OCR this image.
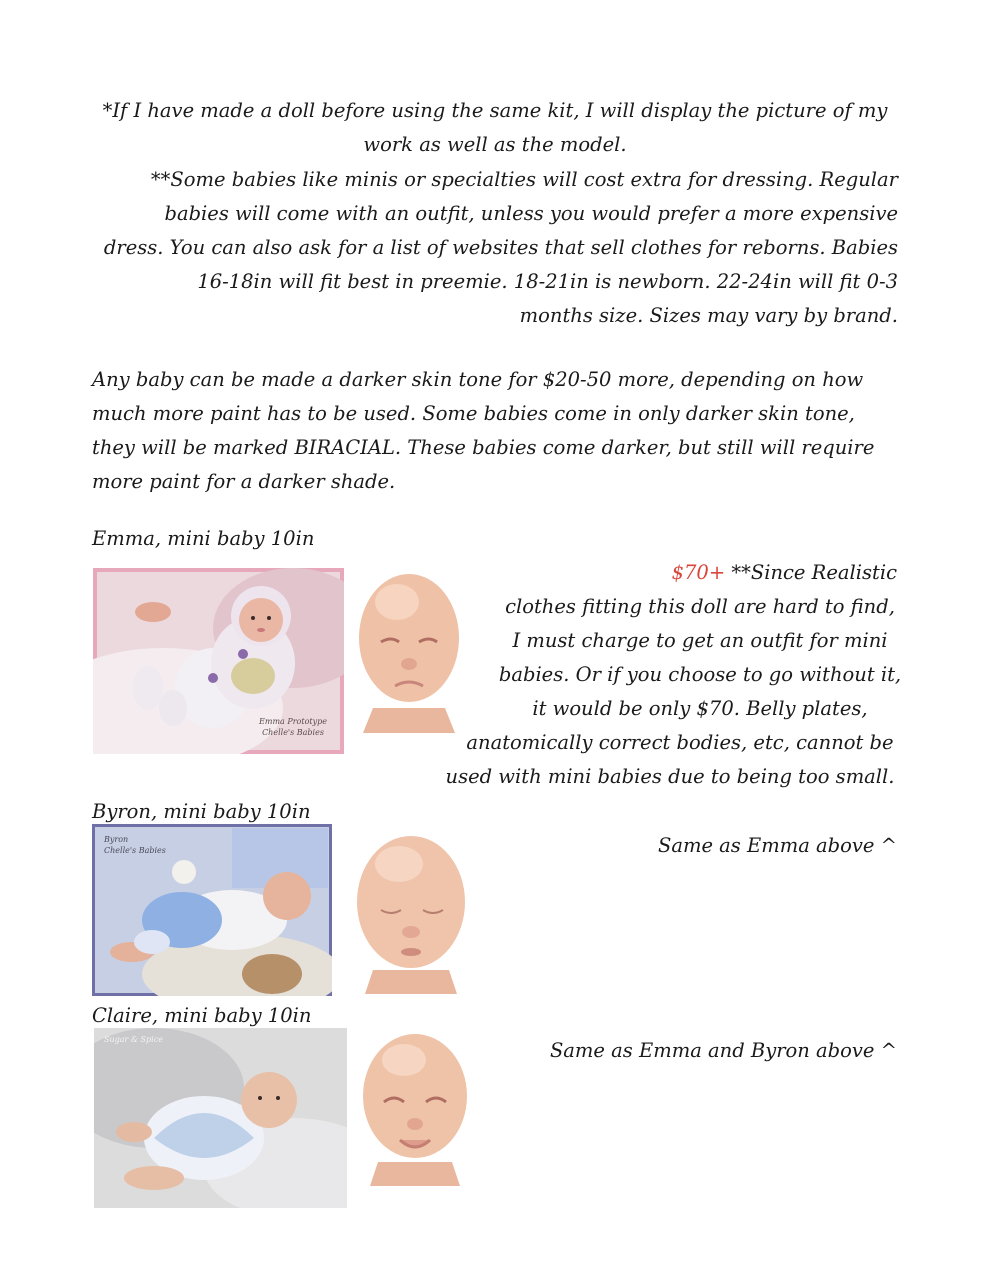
*If I have made a doll before using the same kit, I will display the picture of my
work as well as the model.
**Some babies like minis or specialties will cost extra for dressing. Regular
babies will come with an outfit, unless you would prefer a more expensive
dress. You can also ask for a list of websites that sell clothes for reborns. Babies
16-18in will fit best in preemie. 18-21in is newborn. 22-24in will fit 0-3
months size. Sizes may vary by brand.
Any baby can be made a darker skin tone for $20-50 more, depending on how
much more paint has to be used. Some babies come in only darker skin tone,
they will be marked BIRACIAL. These babies come darker, but still will require
more paint for a darker shade.
Emma, mini baby 10in
Emma Prototype
Chelle's Babies
$70+ **Since Realistic
clothes fitting this doll are hard to find,
I must charge to get an outfit for mini
babies. Or if you choose to go without it,
it would be only $70. Belly plates,
anatomically correct bodies, etc, cannot be
used with mini babies due to being too small.
Byron, mini baby 10in
Byron
Chelle's Babies	Same as Emma above ^
Claire, mini baby 10in
Sugar & Spice	Same as Emma and Byron above ^
